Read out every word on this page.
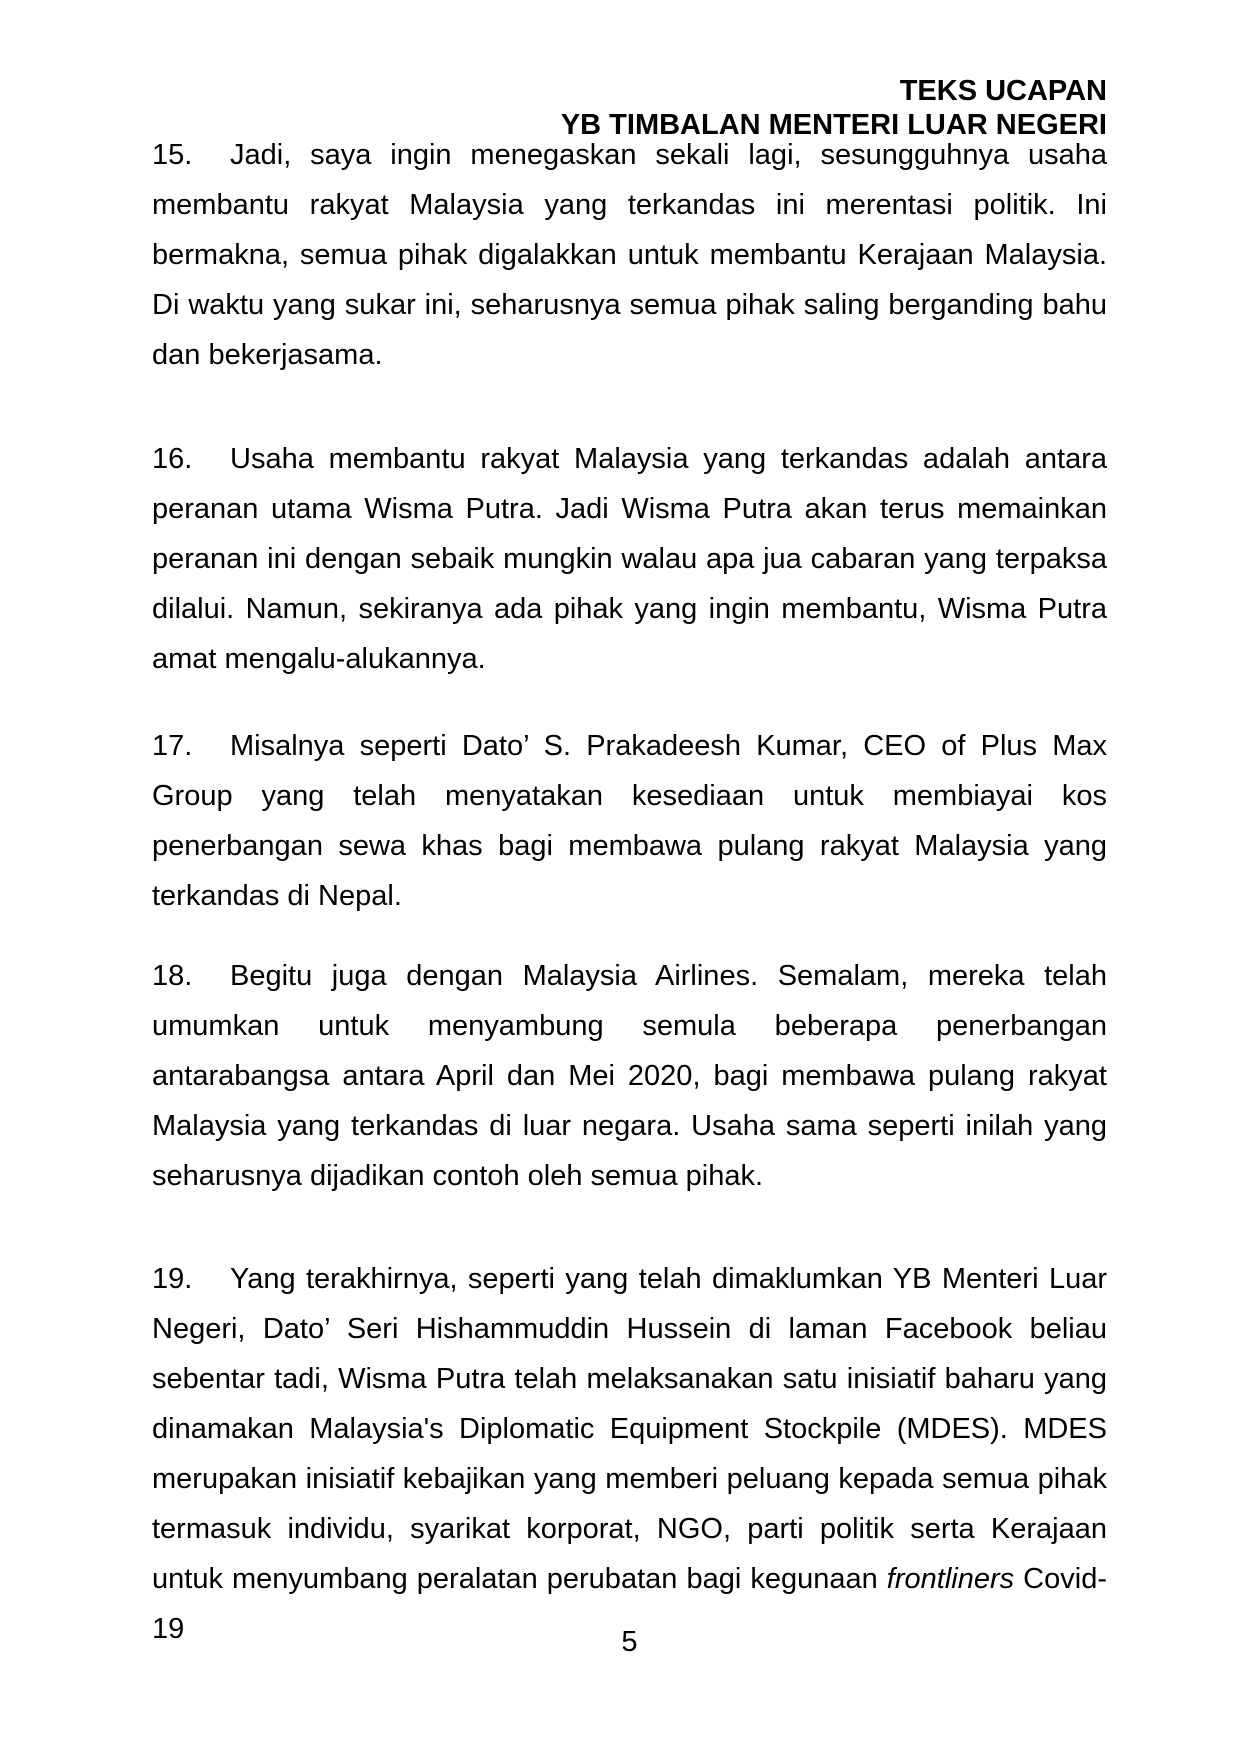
TEKS UCAPAN
YB TIMBALAN MENTERI LUAR NEGERI

15. Jadi, saya ingin menegaskan sekali lagi, sesungguhnya usaha membantu rakyat Malaysia yang terkandas ini merentasi politik. Ini bermakna, semua pihak digalakkan untuk membantu Kerajaan Malaysia. Di waktu yang sukar ini, seharusnya semua pihak saling berganding bahu dan bekerjasama.

16. Usaha membantu rakyat Malaysia yang terkandas adalah antara peranan utama Wisma Putra. Jadi Wisma Putra akan terus memainkan peranan ini dengan sebaik mungkin walau apa jua cabaran yang terpaksa dilalui. Namun, sekiranya ada pihak yang ingin membantu, Wisma Putra amat mengalu-alukannya.

17. Misalnya seperti Dato’ S. Prakadeesh Kumar, CEO of Plus Max Group yang telah menyatakan kesediaan untuk membiayai kos penerbangan sewa khas bagi membawa pulang rakyat Malaysia yang terkandas di Nepal.

18. Begitu juga dengan Malaysia Airlines. Semalam, mereka telah umumkan untuk menyambung semula beberapa penerbangan antarabangsa antara April dan Mei 2020, bagi membawa pulang rakyat Malaysia yang terkandas di luar negara. Usaha sama seperti inilah yang seharusnya dijadikan contoh oleh semua pihak.

19. Yang terakhirnya, seperti yang telah dimaklumkan YB Menteri Luar Negeri, Dato’ Seri Hishammuddin Hussein di laman Facebook beliau sebentar tadi, Wisma Putra telah melaksanakan satu inisiatif baharu yang dinamakan Malaysia's Diplomatic Equipment Stockpile (MDES). MDES merupakan inisiatif kebajikan yang memberi peluang kepada semua pihak termasuk individu, syarikat korporat, NGO, parti politik serta Kerajaan untuk menyumbang peralatan perubatan bagi kegunaan frontliners Covid-19	5
